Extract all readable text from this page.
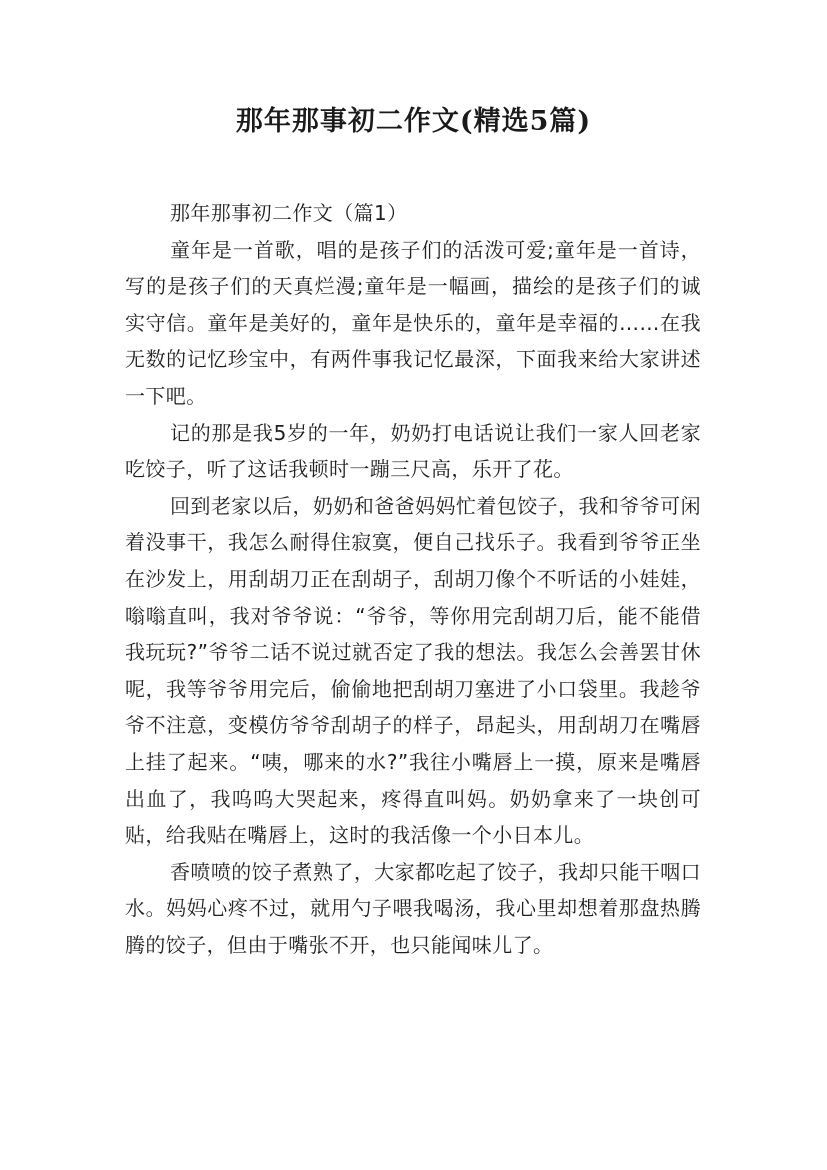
那年那事初二作文(精选5篇)

那年那事初二作文（篇1）

童年是一首歌，唱的是孩子们的活泼可爱;童年是一首诗，写的是孩子们的天真烂漫;童年是一幅画，描绘的是孩子们的诚实守信。童年是美好的，童年是快乐的，童年是幸福的……在我无数的记忆珍宝中，有两件事我记忆最深，下面我来给大家讲述一下吧。

记的那是我5岁的一年，奶奶打电话说让我们一家人回老家吃饺子，听了这话我顿时一蹦三尺高，乐开了花。

回到老家以后，奶奶和爸爸妈妈忙着包饺子，我和爷爷可闲着没事干，我怎么耐得住寂寞，便自己找乐子。我看到爷爷正坐在沙发上，用刮胡刀正在刮胡子，刮胡刀像个不听话的小娃娃，嗡嗡直叫，我对爷爷说：“爷爷，等你用完刮胡刀后，能不能借我玩玩?”爷爷二话不说过就否定了我的想法。我怎么会善罢甘休呢，我等爷爷用完后，偷偷地把刮胡刀塞进了小口袋里。我趁爷爷不注意，变模仿爷爷刮胡子的样子，昂起头，用刮胡刀在嘴唇上挂了起来。“咦，哪来的水?”我往小嘴唇上一摸，原来是嘴唇出血了，我呜呜大哭起来，疼得直叫妈。奶奶拿来了一块创可贴，给我贴在嘴唇上，这时的我活像一个小日本儿。

香喷喷的饺子煮熟了，大家都吃起了饺子，我却只能干咽口水。妈妈心疼不过，就用勺子喂我喝汤，我心里却想着那盘热腾腾的饺子，但由于嘴张不开，也只能闻味儿了。
